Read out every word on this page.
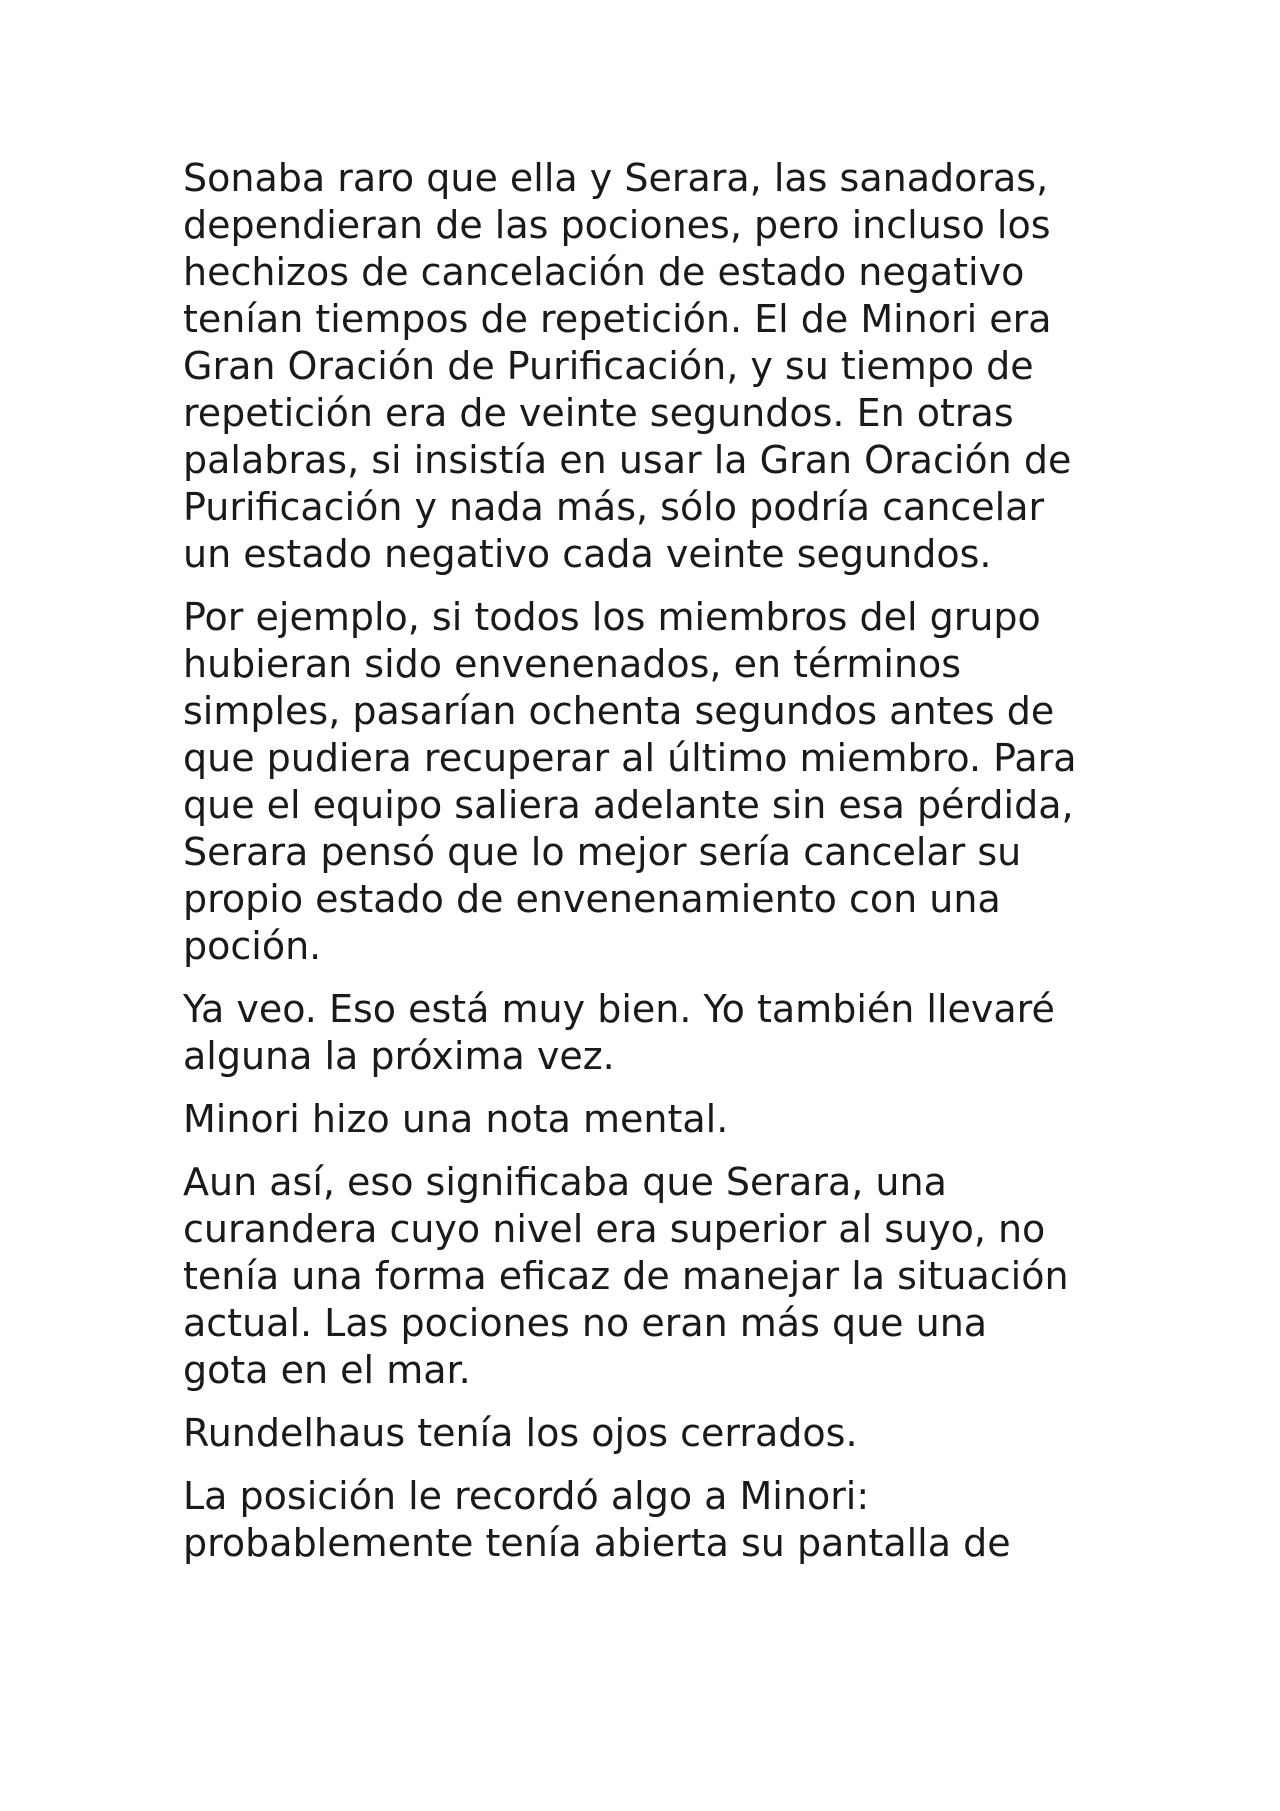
Sonaba raro que ella y Serara, las sanadoras,
dependieran de las pociones, pero incluso los
hechizos de cancelación de estado negativo
tenían tiempos de repetición. El de Minori era
Gran Oración de Purificación, y su tiempo de
repetición era de veinte segundos. En otras
palabras, si insistía en usar la Gran Oración de
Purificación y nada más, sólo podría cancelar
un estado negativo cada veinte segundos.

Por ejemplo, si todos los miembros del grupo
hubieran sido envenenados, en términos
simples, pasarían ochenta segundos antes de
que pudiera recuperar al último miembro. Para
que el equipo saliera adelante sin esa pérdida,
Serara pensó que lo mejor sería cancelar su
propio estado de envenenamiento con una
poción.

Ya veo. Eso está muy bien. Yo también llevaré
alguna la próxima vez.

Minori hizo una nota mental.

Aun así, eso significaba que Serara, una
curandera cuyo nivel era superior al suyo, no
tenía una forma eficaz de manejar la situación
actual. Las pociones no eran más que una
gota en el mar.

Rundelhaus tenía los ojos cerrados.

La posición le recordó algo a Minori:
probablemente tenía abierta su pantalla de
